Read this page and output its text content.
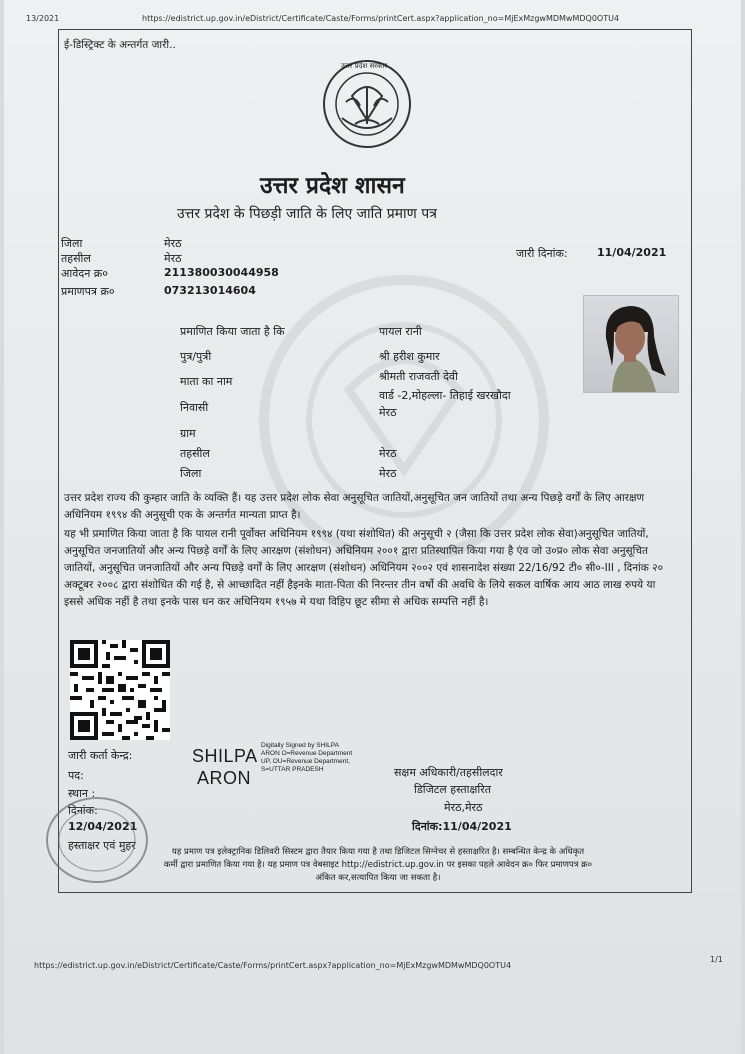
13/2021	https://edistrict.up.gov.in/eDistrict/Certificate/Caste/Forms/printCert.aspx?application_no=MjExMzgwMDMwMDQ0OTU4
ई-डिस्ट्रिक्ट के अन्तर्गत जारी..
उत्तर प्रदेश सरकार
उत्तर प्रदेश शासन
उत्तर प्रदेश के पिछड़ी जाति के लिए जाति प्रमाण पत्र
जिला	मेरठ
तहसील	मेरठ
आवेदन क्र०	211380030044958
प्रमाणपत्र क्र०	073213014604
जारी दिनांक:	11/04/2021
प्रमाणित किया जाता है कि	पायल रानी
पुत्र/पुत्री	श्री हरीश कुमार
माता का नाम	श्रीमती राजवती देवी
वार्ड -2,मोहल्ला- तिहाई खरखौदा
निवासी	मेरठ
ग्राम
तहसील	मेरठ
जिला	मेरठ

उत्तर प्रदेश राज्य की कुम्हार जाति के व्यक्ति हैं। यह उत्तर प्रदेश लोक सेवा अनुसूचित जातियों,अनुसूचित जन जातियों तथा अन्य पिछड़े वर्गों के लिए आरक्षण अधिनियम १९९४ की अनुसूची एक के अन्तर्गत मान्यता प्राप्त है।

यह भी प्रमाणित किया जाता है कि पायल रानी पूर्वोक्त अधिनियम १९९४ (यथा संशोधित) की अनुसूची २ (जैसा कि उत्तर प्रदेश लोक सेवा)अनुसूचित जातियों, अनुसूचित जनजातियों और अन्य पिछड़े वर्गों के लिए आरक्षण (संशोधन) अधिनियम २००१ द्वारा प्रतिस्थापित किया गया है एंव जो उ०प्र० लोक सेवा अनुसूचित जातियों, अनुसूचित जनजातियों और अन्य पिछड़े वर्गों के लिए आरक्षण (संशोधन) अधिनियम २००२ एवं शासनादेश संख्या 22/16/92 टी० सी०-III , दिनांक २० अक्टूबर २००८ द्वारा संशोधित की गई है, से आच्छादित नहीं हैइनके माता-पिता की निरन्तर तीन वर्षो की अवधि के लिये सकल वार्षिक आय आठ लाख रुपये या इससे अधिक नहीं है तथा इनके पास धन कर अधिनियम १९५७ मे यथा विहिप छूट सीमा से अधिक सम्पत्ति नहीं है।

जारी कर्ता केन्द्र:
पद:
स्थान :
दिनांक:
12/04/2021
हस्ताक्षर एवं मुहर
SHILPA
ARON
Digitally Signed by SHILPA ARON O=Revenue Department UP, OU=Revenue Department, S=UTTAR PRADESH	सक्षम अधिकारी/तहसीलदार
डिजिटल हस्ताक्षरित
मेरठ,मेरठ
दिनांक:11/04/2021
यह प्रमाण पत्र इलेक्ट्रानिक डिलिवरी सिस्टम द्वारा तैयार किया गया है तथा डिजिटल सिग्नेचर से हस्ताक्षरित है। सम्बन्धित केन्द्र के अधिकृत
कर्मी द्वारा प्रमाणित किया गया है। यह प्रमाण पत्र वेबसाइट http://edistrict.up.gov.in पर इसका पहले आवेदन क्र० फिर प्रमाणपत्र क्र०
अंकित कर,सत्यापित किया जा सकता है।
https://edistrict.up.gov.in/eDistrict/Certificate/Caste/Forms/printCert.aspx?application_no=MjExMzgwMDMwMDQ0OTU4
1/1
